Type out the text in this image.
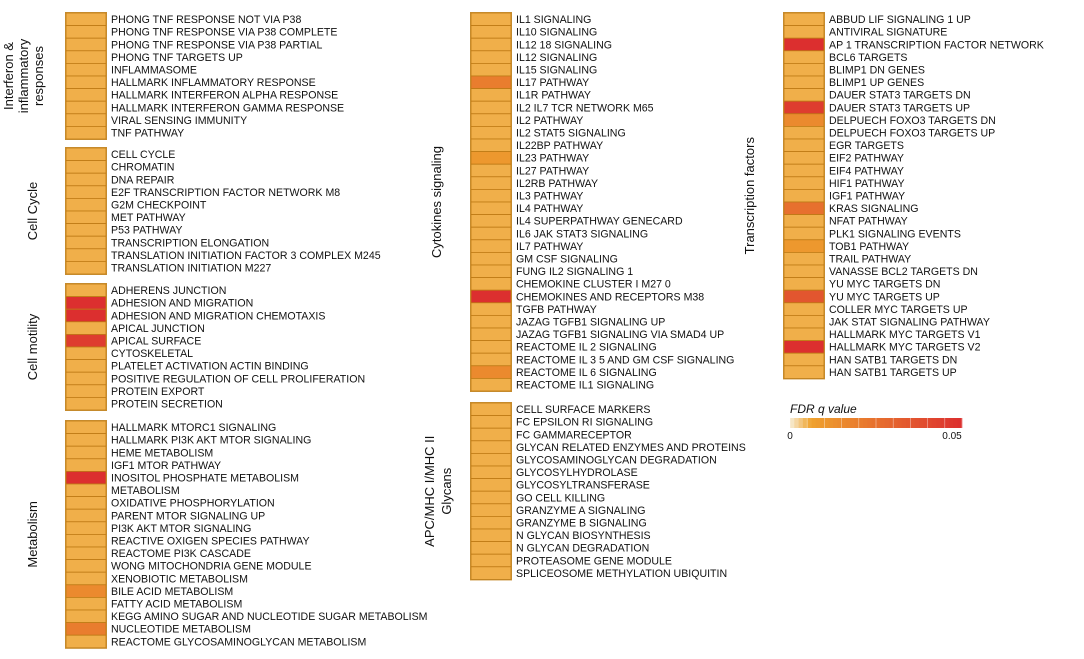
PHONG TNF RESPONSE NOT VIA P38
PHONG TNF RESPONSE VIA P38 COMPLETE
PHONG TNF RESPONSE VIA P38 PARTIAL
PHONG TNF TARGETS UP
INFLAMMASOME
HALLMARK INFLAMMATORY RESPONSE
HALLMARK INTERFERON ALPHA RESPONSE
HALLMARK INTERFERON GAMMA RESPONSE
VIRAL SENSING IMMUNITY
TNF PATHWAY
Interferon & inflammatory responses
CELL CYCLE
CHROMATIN
DNA REPAIR
E2F TRANSCRIPTION FACTOR NETWORK M8
G2M CHECKPOINT
MET PATHWAY
P53 PATHWAY
TRANSCRIPTION ELONGATION
TRANSLATION INITIATION FACTOR 3 COMPLEX M245
TRANSLATION INITIATION M227
Cell Cycle
ADHERENS JUNCTION
ADHESION AND MIGRATION
ADHESION AND MIGRATION CHEMOTAXIS
APICAL JUNCTION
APICAL SURFACE
CYTOSKELETAL
PLATELET ACTIVATION ACTIN BINDING
POSITIVE REGULATION OF CELL PROLIFERATION
PROTEIN EXPORT
PROTEIN SECRETION
Cell motility
HALLMARK MTORC1 SIGNALING
HALLMARK PI3K AKT MTOR SIGNALING
HEME METABOLISM
IGF1 MTOR PATHWAY
INOSITOL PHOSPHATE METABOLISM
METABOLISM
OXIDATIVE PHOSPHORYLATION
PARENT MTOR SIGNALING UP
PI3K AKT MTOR SIGNALING
REACTIVE OXIGEN SPECIES PATHWAY
REACTOME PI3K CASCADE
WONG MITOCHONDRIA GENE MODULE
XENOBIOTIC METABOLISM
BILE ACID METABOLISM
FATTY ACID METABOLISM
KEGG AMINO SUGAR AND NUCLEOTIDE SUGAR METABOLISM
NUCLEOTIDE METABOLISM
REACTOME GLYCOSAMINOGLYCAN METABOLISM
Metabolism
IL1 SIGNALING
IL10 SIGNALING
IL12 18 SIGNALING
IL12 SIGNALING
IL15 SIGNALING
IL17 PATHWAY
IL1R PATHWAY
IL2 IL7 TCR NETWORK M65
IL2 PATHWAY
IL2 STAT5 SIGNALING
IL22BP PATHWAY
IL23 PATHWAY
IL27 PATHWAY
IL2RB PATHWAY
IL3 PATHWAY
IL4 PATHWAY
IL4 SUPERPATHWAY GENECARD
IL6 JAK STAT3 SIGNALING
IL7 PATHWAY
GM CSF SIGNALING
FUNG IL2 SIGNALING 1
CHEMOKINE CLUSTER I M27 0
CHEMOKINES AND RECEPTORS M38
TGFB PATHWAY
JAZAG TGFB1 SIGNALING UP
JAZAG TGFB1 SIGNALING VIA SMAD4 UP
REACTOME IL 2 SIGNALING
REACTOME IL 3 5 AND GM CSF SIGNALING
REACTOME IL 6 SIGNALING
REACTOME IL1 SIGNALING
Cytokines signaling
CELL SURFACE MARKERS
FC EPSILON RI SIGNALING
FC GAMMARECEPTOR
GLYCAN RELATED ENZYMES AND PROTEINS
GLYCOSAMINOGLYCAN DEGRADATION
GLYCOSYLHYDROLASE
GLYCOSYLTRANSFERASE
GO CELL KILLING
GRANZYME A SIGNALING
GRANZYME B SIGNALING
N GLYCAN BIOSYNTHESIS
N GLYCAN DEGRADATION
PROTEASOME GENE MODULE
SPLICEOSOME METHYLATION UBIQUITIN
APC/MHC I/MHC II Glycans
ABBUD LIF SIGNALING 1 UP
ANTIVIRAL SIGNATURE
AP 1 TRANSCRIPTION FACTOR NETWORK
BCL6 TARGETS
BLIMP1 DN GENES
BLIMP1 UP GENES
DAUER STAT3 TARGETS DN
DAUER STAT3 TARGETS UP
DELPUECH FOXO3 TARGETS DN
DELPUECH FOXO3 TARGETS UP
EGR TARGETS
EIF2 PATHWAY
EIF4 PATHWAY
HIF1 PATHWAY
IGF1 PATHWAY
KRAS SIGNALING
NFAT PATHWAY
PLK1 SIGNALING EVENTS
TOB1 PATHWAY
TRAIL PATHWAY
VANASSE BCL2 TARGETS DN
YU MYC TARGETS DN
YU MYC TARGETS UP
COLLER MYC TARGETS UP
JAK STAT SIGNALING PATHWAY
HALLMARK MYC TARGETS V1
HALLMARK MYC TARGETS V2
HAN SATB1 TARGETS DN
HAN SATB1 TARGETS UP
Transcription factors
FDR q value
0	0.05
